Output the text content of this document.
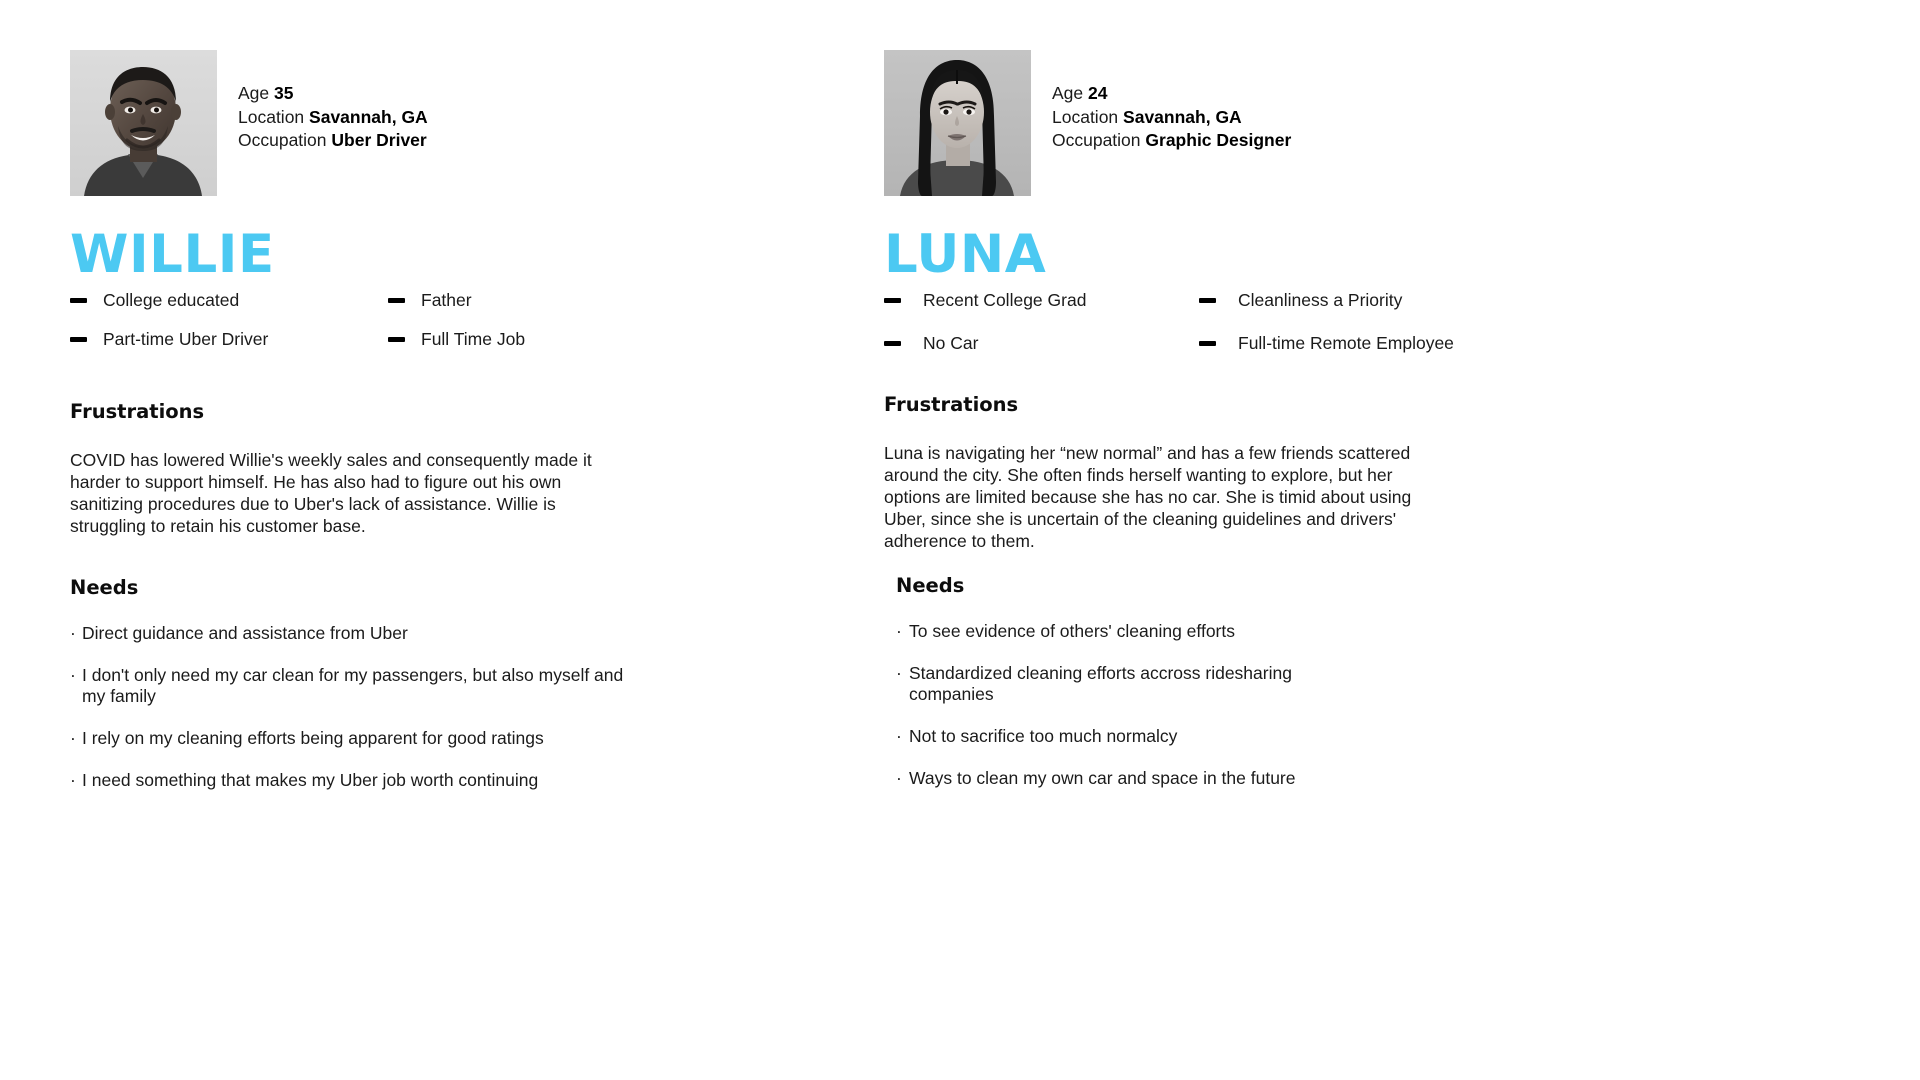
Age 35
Location Savannah, GA
Occupation Uber Driver
WILLIE
College educated	Father
Part-time Uber Driver	Full Time Job
Frustrations
COVID has lowered Willie's weekly sales and consequently made it harder to support himself. He has also had to figure out his own sanitizing procedures due to Uber's lack of assistance. Willie is struggling to retain his customer base.
Needs
· Direct guidance and assistance from Uber
· I don't only need my car clean for my passengers, but also myself and my family
· I rely on my cleaning efforts being apparent for good ratings
· I need something that makes my Uber job worth continuing
Age 24
Location Savannah, GA
Occupation Graphic Designer
LUNA
Recent College Grad	Cleanliness a Priority
No Car	Full-time Remote Employee
Frustrations
Luna is navigating her “new normal” and has a few friends scattered around the city. She often finds herself wanting to explore, but her options are limited because she has no car. She is timid about using Uber, since she is uncertain of the cleaning guidelines and drivers' adherence to them.
Needs
· To see evidence of others' cleaning efforts
· Standardized cleaning efforts accross ridesharing companies
· Not to sacrifice too much normalcy
· Ways to clean my own car and space in the future
